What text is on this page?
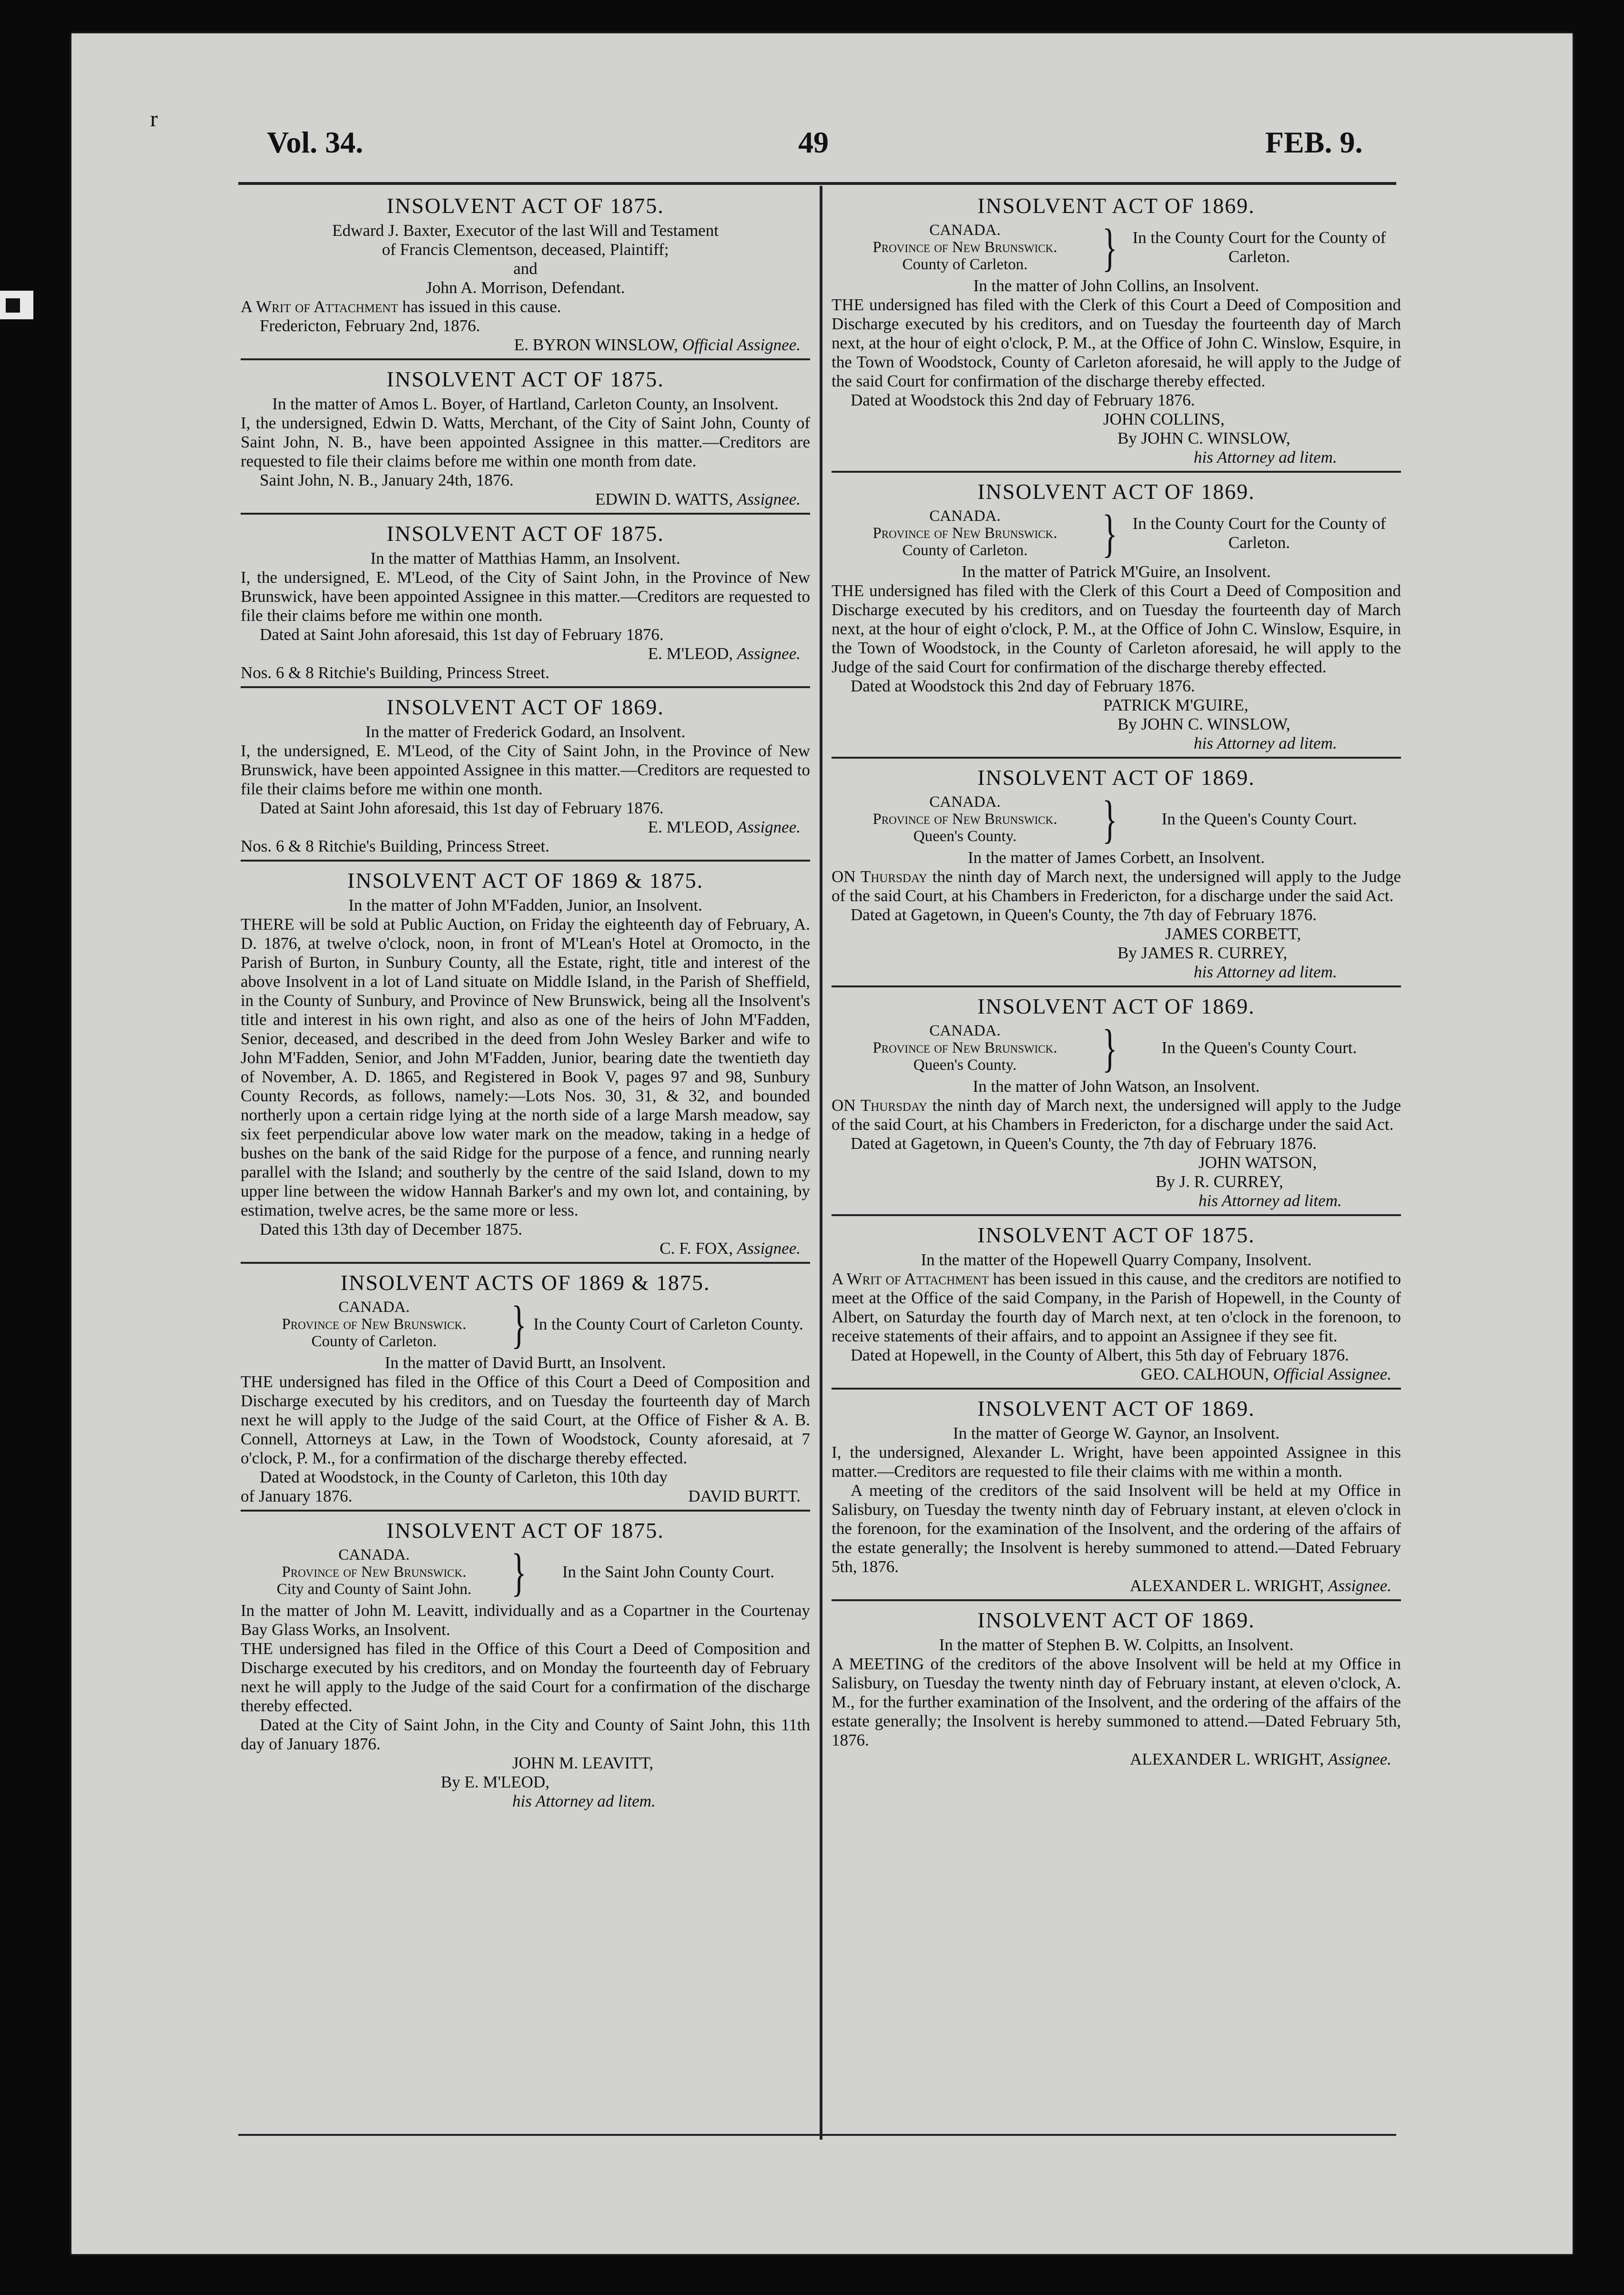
r
Vol. 34.	49	FEB. 9.
INSOLVENT ACT OF 1875.
Edward J. Baxter, Executor of the last Will and Testament
of Francis Clementson, deceased, Plaintiff;
and
John A. Morrison, Defendant.
A Writ of Attachment has issued in this cause.
Fredericton, February 2nd, 1876.
E. BYRON WINSLOW, Official Assignee.
INSOLVENT ACT OF 1875.
In the matter of Amos L. Boyer, of Hartland, Carleton County, an Insolvent.
I, the undersigned, Edwin D. Watts, Merchant, of the City of Saint John, County of Saint John, N. B., have been appointed Assignee in this matter.—Creditors are requested to file their claims before me within one month from date.
Saint John, N. B., January 24th, 1876.
EDWIN D. WATTS, Assignee.
INSOLVENT ACT OF 1875.
In the matter of Matthias Hamm, an Insolvent.
I, the undersigned, E. M'Leod, of the City of Saint John, in the Province of New Brunswick, have been appointed Assignee in this matter.—Creditors are requested to file their claims before me within one month.
Dated at Saint John aforesaid, this 1st day of February 1876.
E. M'LEOD, Assignee.
Nos. 6 & 8 Ritchie's Building, Princess Street.
INSOLVENT ACT OF 1869.
In the matter of Frederick Godard, an Insolvent.
I, the undersigned, E. M'Leod, of the City of Saint John, in the Province of New Brunswick, have been appointed Assignee in this matter.—Creditors are requested to file their claims before me within one month.
Dated at Saint John aforesaid, this 1st day of February 1876.
E. M'LEOD, Assignee.
Nos. 6 & 8 Ritchie's Building, Princess Street.
INSOLVENT ACT OF 1869 & 1875.
In the matter of John M'Fadden, Junior, an Insolvent.
THERE will be sold at Public Auction, on Friday the eighteenth day of February, A. D. 1876, at twelve o'clock, noon, in front of M'Lean's Hotel at Oromocto, in the Parish of Burton, in Sunbury County, all the Estate, right, title and interest of the above Insolvent in a lot of Land situate on Middle Island, in the Parish of Sheffield, in the County of Sunbury, and Province of New Brunswick, being all the Insolvent's title and interest in his own right, and also as one of the heirs of John M'Fadden, Senior, deceased, and described in the deed from John Wesley Barker and wife to John M'Fadden, Senior, and John M'Fadden, Junior, bearing date the twentieth day of November, A. D. 1865, and Registered in Book V, pages 97 and 98, Sunbury County Records, as follows, namely:—Lots Nos. 30, 31, & 32, and bounded northerly upon a certain ridge lying at the north side of a large Marsh meadow, say six feet perpendicular above low water mark on the meadow, taking in a hedge of bushes on the bank of the said Ridge for the purpose of a fence, and running nearly parallel with the Island; and southerly by the centre of the said Island, down to my upper line between the widow Hannah Barker's and my own lot, and containing, by estimation, twelve acres, be the same more or less.
Dated this 13th day of December 1875.
C. F. FOX, Assignee.
INSOLVENT ACTS OF 1869 & 1875.
CANADA.
Province of New Brunswick.
County of Carleton.	} In the County Court of Carleton County.
In the matter of David Burtt, an Insolvent.
THE undersigned has filed in the Office of this Court a Deed of Composition and Discharge executed by his creditors, and on Tuesday the fourteenth day of March next he will apply to the Judge of the said Court, at the Office of Fisher & A. B. Connell, Attorneys at Law, in the Town of Woodstock, County aforesaid, at 7 o'clock, P. M., for a confirmation of the discharge thereby effected.
Dated at Woodstock, in the County of Carleton, this 10th day
of January 1876.	DAVID BURTT.
INSOLVENT ACT OF 1875.
CANADA.
Province of New Brunswick.
City and County of Saint John. }	In the Saint John County Court.
In the matter of John M. Leavitt, individually and as a Copartner in the Courtenay Bay Glass Works, an Insolvent.
THE undersigned has filed in the Office of this Court a Deed of Composition and Discharge executed by his creditors, and on Monday the fourteenth day of February next he will apply to the Judge of the said Court for a confirmation of the discharge thereby effected.
Dated at the City of Saint John, in the City and County of Saint John, this 11th day of January 1876.
JOHN M. LEAVITT,
By E. M'LEOD,
his Attorney ad litem.
INSOLVENT ACT OF 1869.
CANADA.
Province of New Brunswick.
County of Carleton.	} In the County Court for the County of Carleton.
In the matter of John Collins, an Insolvent.
THE undersigned has filed with the Clerk of this Court a Deed of Composition and Discharge executed by his creditors, and on Tuesday the fourteenth day of March next, at the hour of eight o'clock, P. M., at the Office of John C. Winslow, Esquire, in the Town of Woodstock, County of Carleton aforesaid, he will apply to the Judge of the said Court for confirmation of the discharge thereby effected.
Dated at Woodstock this 2nd day of February 1876.
JOHN COLLINS,
By JOHN C. WINSLOW,
his Attorney ad litem.
INSOLVENT ACT OF 1869.
CANADA.
Province of New Brunswick.
County of Carleton.	} In the County Court for the County of Carleton.
In the matter of Patrick M'Guire, an Insolvent.
THE undersigned has filed with the Clerk of this Court a Deed of Composition and Discharge executed by his creditors, and on Tuesday the fourteenth day of March next, at the hour of eight o'clock, P. M., at the Office of John C. Winslow, Esquire, in the Town of Woodstock, in the County of Carleton aforesaid, he will apply to the Judge of the said Court for confirmation of the discharge thereby effected.
Dated at Woodstock this 2nd day of February 1876.
PATRICK M'GUIRE,
By JOHN C. WINSLOW,
his Attorney ad litem.
INSOLVENT ACT OF 1869.
CANADA.
Province of New Brunswick.
Queen's County.	}	In the Queen's County Court.
In the matter of James Corbett, an Insolvent.
ON Thursday the ninth day of March next, the undersigned will apply to the Judge of the said Court, at his Chambers in Fredericton, for a discharge under the said Act.
Dated at Gagetown, in Queen's County, the 7th day of February 1876.
JAMES CORBETT,
By JAMES R. CURREY,
his Attorney ad litem.
INSOLVENT ACT OF 1869.
CANADA.
Province of New Brunswick.
Queen's County.	}	In the Queen's County Court.
In the matter of John Watson, an Insolvent.
ON Thursday the ninth day of March next, the undersigned will apply to the Judge of the said Court, at his Chambers in Fredericton, for a discharge under the said Act.
Dated at Gagetown, in Queen's County, the 7th day of February 1876.
JOHN WATSON,
By J. R. CURREY,
his Attorney ad litem.
INSOLVENT ACT OF 1875.
In the matter of the Hopewell Quarry Company, Insolvent.
A Writ of Attachment has been issued in this cause, and the creditors are notified to meet at the Office of the said Company, in the Parish of Hopewell, in the County of Albert, on Saturday the fourth day of March next, at ten o'clock in the forenoon, to receive statements of their affairs, and to appoint an Assignee if they see fit.
Dated at Hopewell, in the County of Albert, this 5th day of February 1876.
GEO. CALHOUN, Official Assignee.
INSOLVENT ACT OF 1869.
In the matter of George W. Gaynor, an Insolvent.
I, the undersigned, Alexander L. Wright, have been appointed Assignee in this matter.—Creditors are requested to file their claims with me within a month.
A meeting of the creditors of the said Insolvent will be held at my Office in Salisbury, on Tuesday the twenty ninth day of February instant, at eleven o'clock in the forenoon, for the examination of the Insolvent, and the ordering of the affairs of the estate generally; the Insolvent is hereby summoned to attend.—Dated February 5th, 1876.
ALEXANDER L. WRIGHT, Assignee.
INSOLVENT ACT OF 1869.
In the matter of Stephen B. W. Colpitts, an Insolvent.
A MEETING of the creditors of the above Insolvent will be held at my Office in Salisbury, on Tuesday the twenty ninth day of February instant, at eleven o'clock, A. M., for the further examination of the Insolvent, and the ordering of the affairs of the estate generally; the Insolvent is hereby summoned to attend.—Dated February 5th, 1876.
ALEXANDER L. WRIGHT, Assignee.
